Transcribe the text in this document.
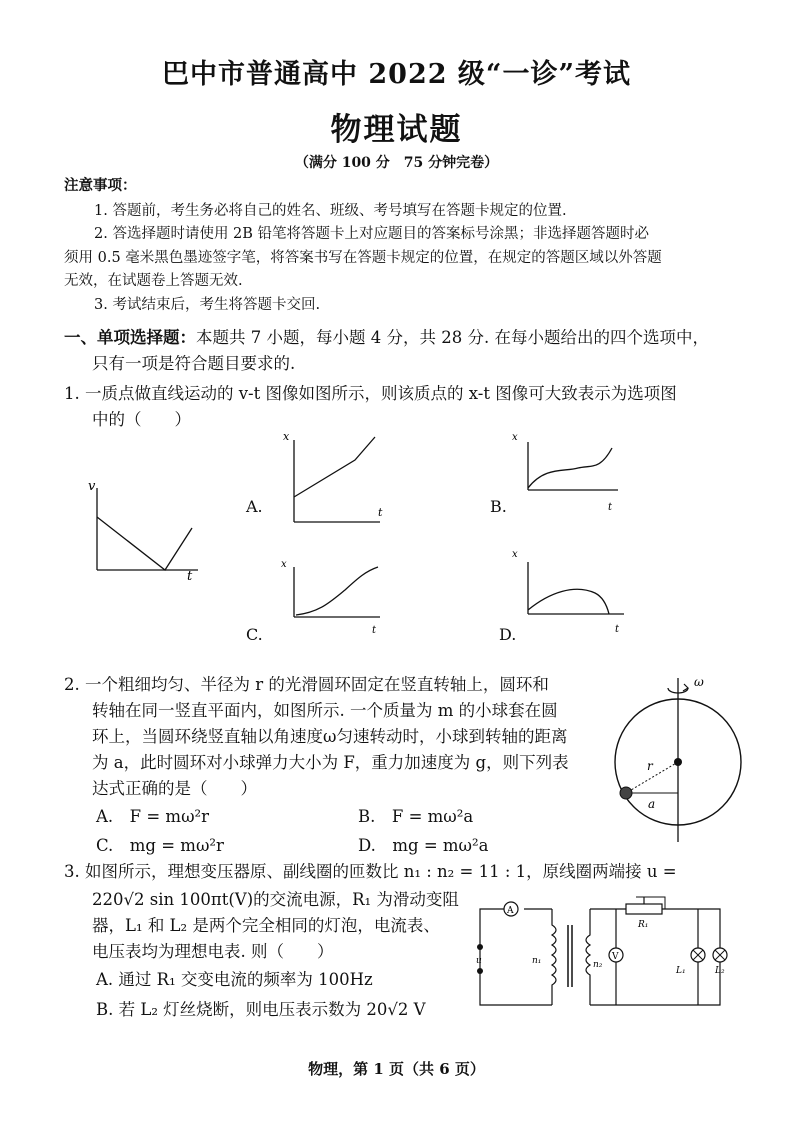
巴中市普通高中 2022 级“一诊”考试
物理试题
（满分 100 分　75 分钟完卷）
注意事项：
1. 答题前，考生务必将自己的姓名、班级、考号填写在答题卡规定的位置.
2. 答选择题时请使用 2B 铅笔将答题卡上对应题目的答案标号涂黑；非选择题答题时必
须用 0.5 毫米黑色墨迹签字笔，将答案书写在答题卡规定的位置，在规定的答题区域以外答题
无效，在试题卷上答题无效.
3. 考试结束后，考生将答题卡交回.
一、单项选择题：本题共 7 小题，每小题 4 分，共 28 分. 在每小题给出的四个选项中，
只有一项是符合题目要求的.
1. 一质点做直线运动的 v-t 图像如图所示，则该质点的 x-t 图像可大致表示为选项图
中的（　　）
v
t
x
t
x
t
x
t
x
t
A.	B.
C.	D.
2. 一个粗细均匀、半径为 r 的光滑圆环固定在竖直转轴上，圆环和
转轴在同一竖直平面内，如图所示. 一个质量为 m 的小球套在圆
环上，当圆环绕竖直轴以角速度ω匀速转动时，小球到转轴的距离
为 a，此时圆环对小球弹力大小为 F，重力加速度为 g，则下列表
达式正确的是（　　）
A.　F = mω²r	B.　F = mω²a
C.　mg = mω²r	D.　mg = mω²a
ω
r
a
3. 如图所示，理想变压器原、副线圈的匝数比 n₁ : n₂ = 11 : 1，原线圈两端接 u =
220√2 sin 100πt(V)的交流电源，R₁ 为滑动变阻
器，L₁ 和 L₂ 是两个完全相同的灯泡，电流表、
电压表均为理想电表. 则（　　）
A. 通过 R₁ 交变电流的频率为 100Hz
B. 若 L₂ 灯丝烧断，则电压表示数为 20√2 V
A
u	n₁	n₂
R₁
V
L₁	L₂
物理，第 1 页（共 6 页）
